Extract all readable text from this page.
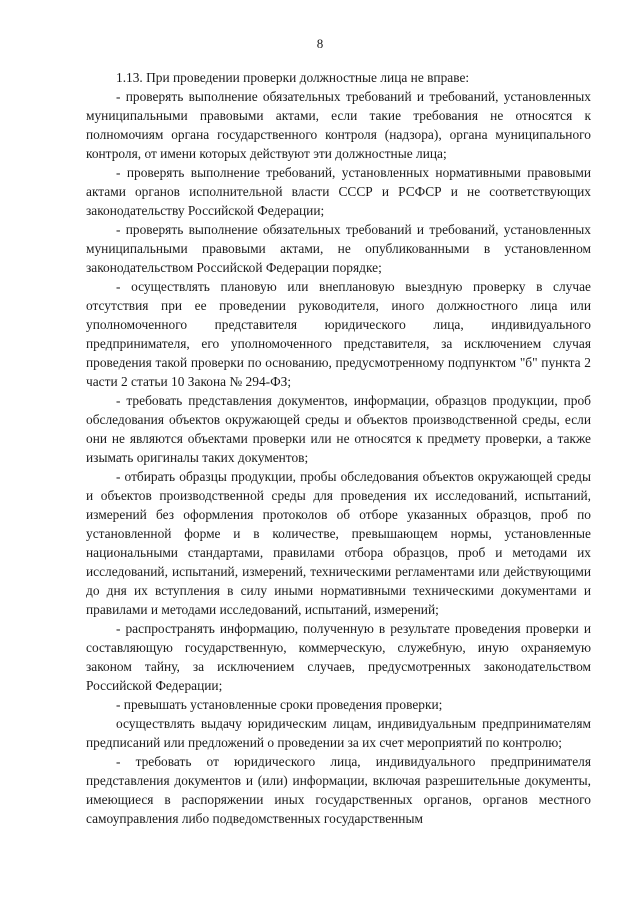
8

1.13. При проведении проверки должностные лица не вправе:

- проверять выполнение обязательных требований и требований, установленных муниципальными правовыми актами, если такие требования не относятся к полномочиям органа государственного контроля (надзора), органа муниципального контроля, от имени которых действуют эти должностные лица;

- проверять выполнение требований, установленных нормативными правовыми актами органов исполнительной власти СССР и РСФСР и не соответствующих законодательству Российской Федерации;

- проверять выполнение обязательных требований и требований, установленных муниципальными правовыми актами, не опубликованными в установленном законодательством Российской Федерации порядке;

- осуществлять плановую или внеплановую выездную проверку в случае отсутствия при ее проведении руководителя, иного должностного лица или уполномоченного представителя юридического лица, индивидуального предпринимателя, его уполномоченного представителя, за исключением случая проведения такой проверки по основанию, предусмотренному подпунктом "б" пункта 2 части 2 статьи 10 Закона № 294-ФЗ;

- требовать представления документов, информации, образцов продукции, проб обследования объектов окружающей среды и объектов производственной среды, если они не являются объектами проверки или не относятся к предмету проверки, а также изымать оригиналы таких документов;

- отбирать образцы продукции, пробы обследования объектов окружающей среды и объектов производственной среды для проведения их исследований, испытаний, измерений без оформления протоколов об отборе указанных образцов, проб по установленной форме и в количестве, превышающем нормы, установленные национальными стандартами, правилами отбора образцов, проб и методами их исследований, испытаний, измерений, техническими регламентами или действующими до дня их вступления в силу иными нормативными техническими документами и правилами и методами исследований, испытаний, измерений;

- распространять информацию, полученную в результате проведения проверки и составляющую государственную, коммерческую, служебную, иную охраняемую законом тайну, за исключением случаев, предусмотренных законодательством Российской Федерации;

- превышать установленные сроки проведения проверки;

осуществлять выдачу юридическим лицам, индивидуальным предпринимателям предписаний или предложений о проведении за их счет мероприятий по контролю;

- требовать от юридического лица, индивидуального предпринимателя представления документов и (или) информации, включая разрешительные документы, имеющиеся в распоряжении иных государственных органов, органов местного самоуправления либо подведомственных государственным
